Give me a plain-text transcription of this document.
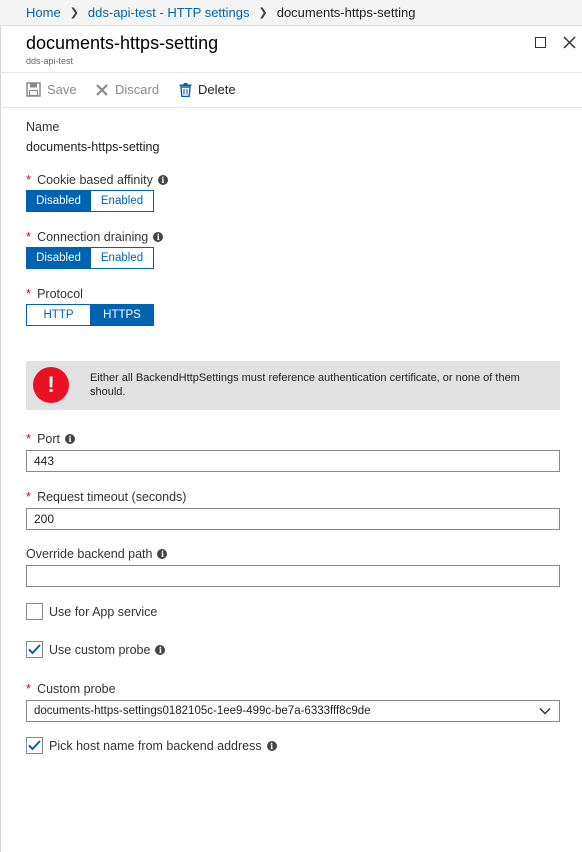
Home ❯ dds-api-test - HTTP settings ❯ documents-https-setting
documents-https-setting
dds-api-test
Save	Discard	Delete
Name
documents-https-setting
* Cookie based affinity	i
Disabled	Enabled
* Connection draining	i
Disabled	Enabled
* Protocol
HTTP	HTTPS
!	Either all BackendHttpSettings must reference authentication certificate, or none of them should.
* Port	i
443
* Request timeout (seconds)
200
Override backend path	i
Use for App service
Use custom probe	i
* Custom probe
documents-https-settings0182105c-1ee9-499c-be7a-6333fff8c9de
Pick host name from backend address	i
